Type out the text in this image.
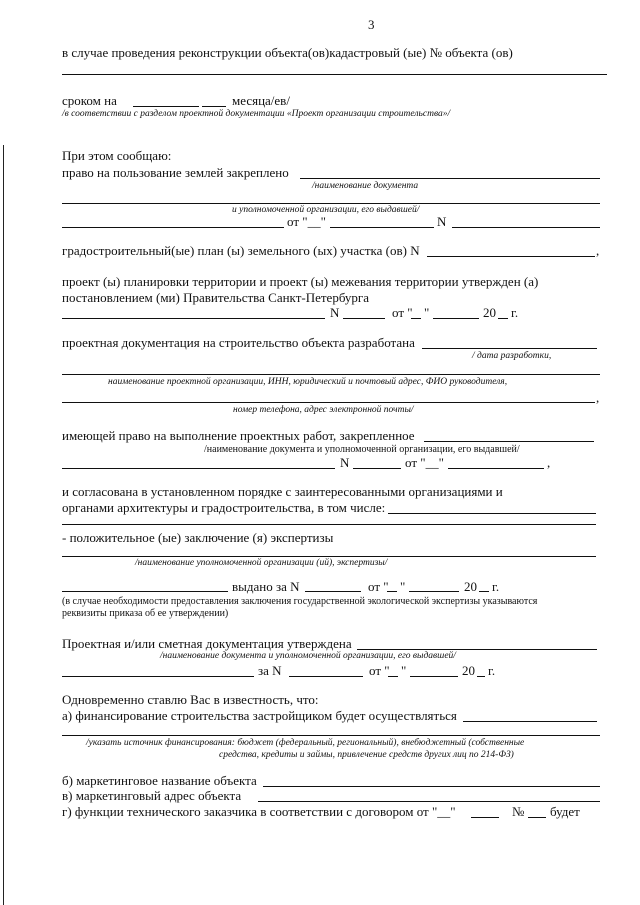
3
в случае проведения реконструкции объекта(ов)кадастровый (ые) № объекта (ов)
сроком на	месяца/ев/
/в соответствии с разделом проектной документации «Проект организации строительства»/
При этом сообщаю:
право на пользование землей закреплено
/наименование документа
и уполномоченной организации, его выдавшей/
от "__"	N
градостроительный(ые) план (ы) земельного (ых) участка (ов) N	,
проект (ы) планировки территории и проект (ы) межевания территории утвержден (а)
постановлением (ми) Правительства Санкт-Петербурга
N	от " "	20 г.
проектная документация на строительство объекта разработана
/ дата разработки,
наименование проектной организации, ИНН, юридический и почтовый адрес, ФИО руководителя,
,
номер телефона, адрес электронной почты/
имеющей право на выполнение проектных работ, закрепленное
/наименование документа и уполномоченной организации, его выдавшей/
N	от "__"	,
и согласована в установленном порядке с заинтересованными организациями и
органами архитектуры и градостроительства, в том числе:
- положительное (ые) заключение (я) экспертизы
/наименование уполномоченной организации (ий), экспертизы/
выдано за N	от " "	20 г.
(в случае необходимости предоставления заключения государственной экологической экспертизы указываются
реквизиты приказа об ее утверждении)
Проектная и/или сметная документация утверждена
/наименование документа и уполномоченной организации, его выдавшей/
за N	от " "	20 г.
Одновременно ставлю Вас в известность, что:
а) финансирование строительства застройщиком будет осуществляться
/указать источник финансирования: бюджет (федеральный, региональный), внебюджетный (собственные
средства, кредиты и займы, привлечение средств других лиц по 214-ФЗ)
б) маркетинговое название объекта
в) маркетинговый адрес объекта
г) функции технического заказчика в соответствии с договором от "__"	№ будет
